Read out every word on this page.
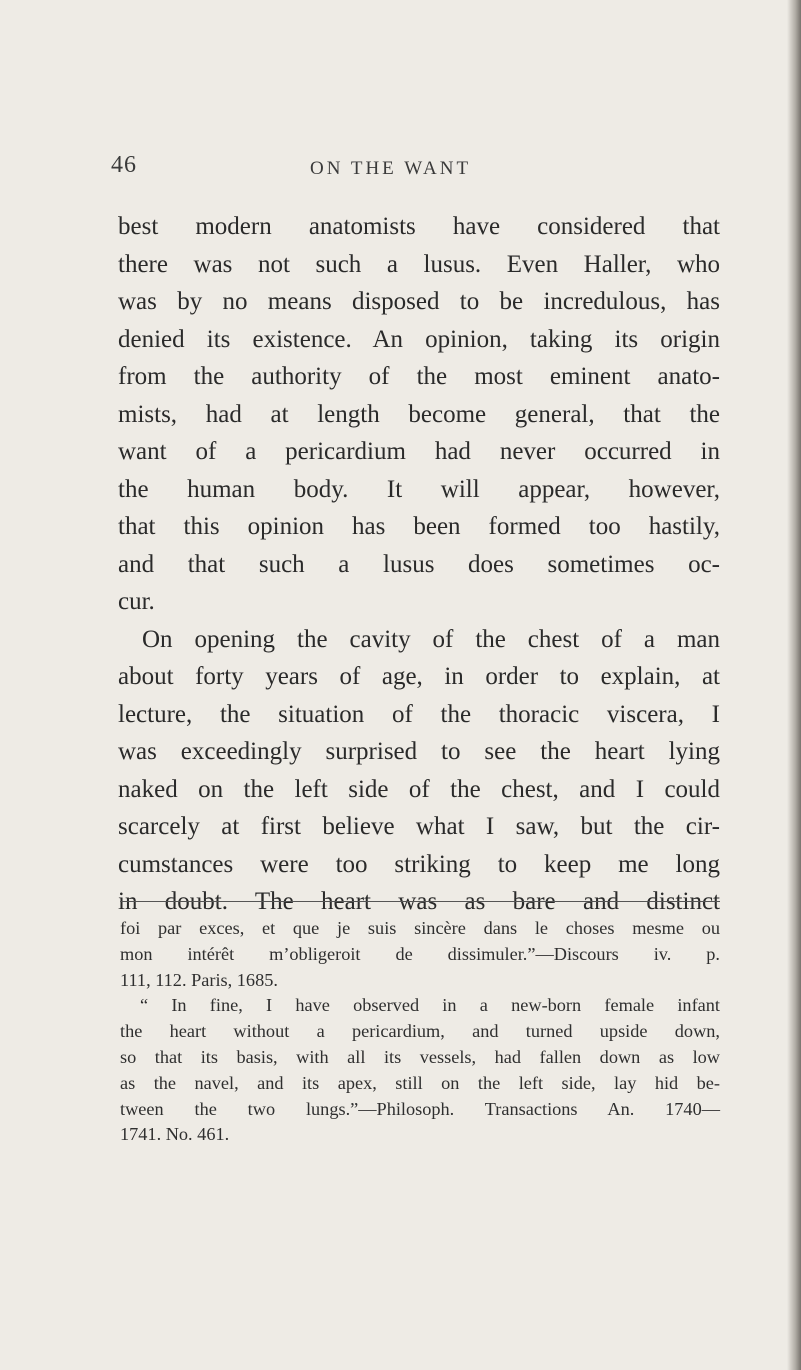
46	ON THE WANT
best modern anatomists have considered that
there was not such a lusus. Even Haller, who
was by no means disposed to be incredulous, has
denied its existence. An opinion, taking its origin
from the authority of the most eminent anato-
mists, had at length become general, that the
want of a pericardium had never occurred in
the human body. It will appear, however,
that this opinion has been formed too hastily,
and that such a lusus does sometimes oc-
cur.
On opening the cavity of the chest of a man
about forty years of age, in order to explain, at
lecture, the situation of the thoracic viscera, I
was exceedingly surprised to see the heart lying
naked on the left side of the chest, and I could
scarcely at first believe what I saw, but the cir-
cumstances were too striking to keep me long
in doubt. The heart was as bare and distinct
foi par exces, et que je suis sincère dans le choses mesme ou
mon intérêt m’obligeroit de dissimuler.”—Discours iv. p.
111, 112. Paris, 1685.
“ In fine, I have observed in a new-born female infant
the heart without a pericardium, and turned upside down,
so that its basis, with all its vessels, had fallen down as low
as the navel, and its apex, still on the left side, lay hid be-
tween the two lungs.”—Philosoph. Transactions An. 1740—
1741. No. 461.
